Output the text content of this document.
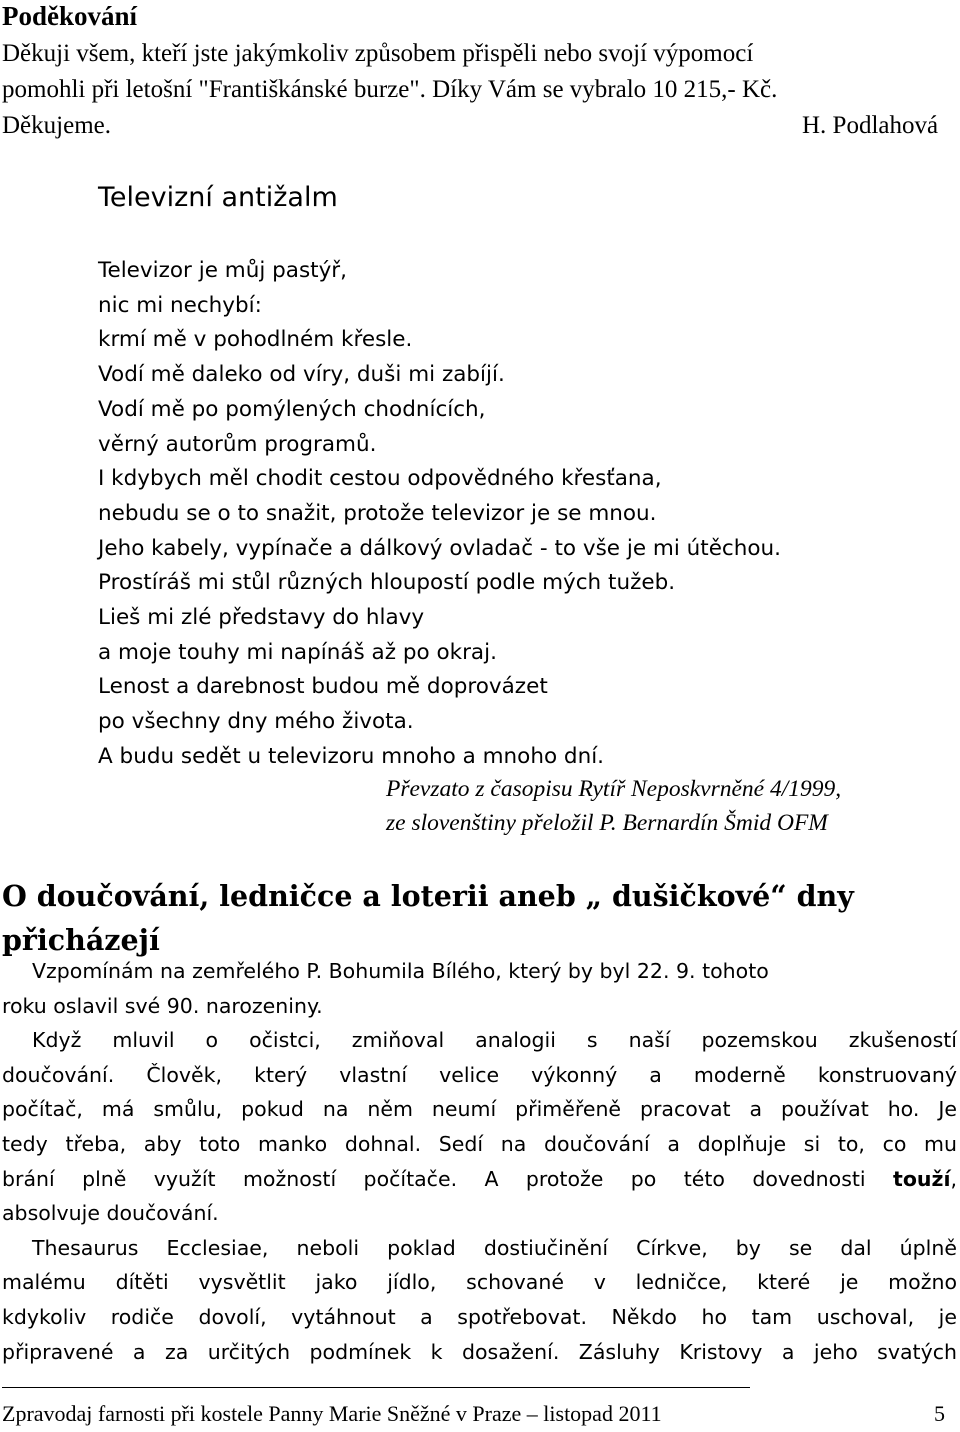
Poděkování
Děkuji všem, kteří jste jakýmkoliv způsobem přispěli nebo svojí výpomocí
pomohli při letošní "Františkánské burze". Díky Vám se vybralo 10 215,- Kč.
Děkujeme.	H. Podlahová
Televizní antižalm
Televizor je můj pastýř,
nic mi nechybí:
krmí mě v pohodlném křesle.
Vodí mě daleko od víry, duši mi zabíjí.
Vodí mě po pomýlených chodnících,
věrný autorům programů.
I kdybych měl chodit cestou odpovědného křesťana,
nebudu se o to snažit, protože televizor je se mnou.
Jeho kabely, vypínače a dálkový ovladač - to vše je mi útěchou.
Prostíráš mi stůl různých hloupostí podle mých tužeb.
Lieš mi zlé představy do hlavy
a moje touhy mi napínáš až po okraj.
Lenost a darebnost budou mě doprovázet
po všechny dny mého života.
A budu sedět u televizoru mnoho a mnoho dní.
Převzato z časopisu Rytíř Neposkvrněné 4/1999,
ze slovenštiny přeložil P. Bernardín Šmid OFM
O doučování, ledničce a loterii aneb „ dušičkové“ dny
přicházejí

Vzpomínám na zemřelého P. Bohumila Bílého, který by byl 22. 9. tohoto
roku oslavil své 90. narozeniny.

Když mluvil o očistci, zmiňoval analogii s naší pozemskou zkušeností
doučování. Člověk, který vlastní velice výkonný a moderně konstruovaný
počítač, má smůlu, pokud na něm neumí přiměřeně pracovat a používat ho. Je
tedy třeba, aby toto manko dohnal. Sedí na doučování a doplňuje si to, co mu
brání plně využít možností počítače. A protože po této dovednosti touží,
absolvuje doučování.

Thesaurus Ecclesiae, neboli poklad dostiučinění Církve, by se dal úplně
malému dítěti vysvětlit jako jídlo, schované v ledničce, které je možno
kdykoliv rodiče dovolí, vytáhnout a spotřebovat. Někdo ho tam uschoval, je
připravené a za určitých podmínek k dosažení. Zásluhy Kristovy a jeho svatých

Zpravodaj farnosti při kostele Panny Marie Sněžné v Praze – listopad 2011	5
